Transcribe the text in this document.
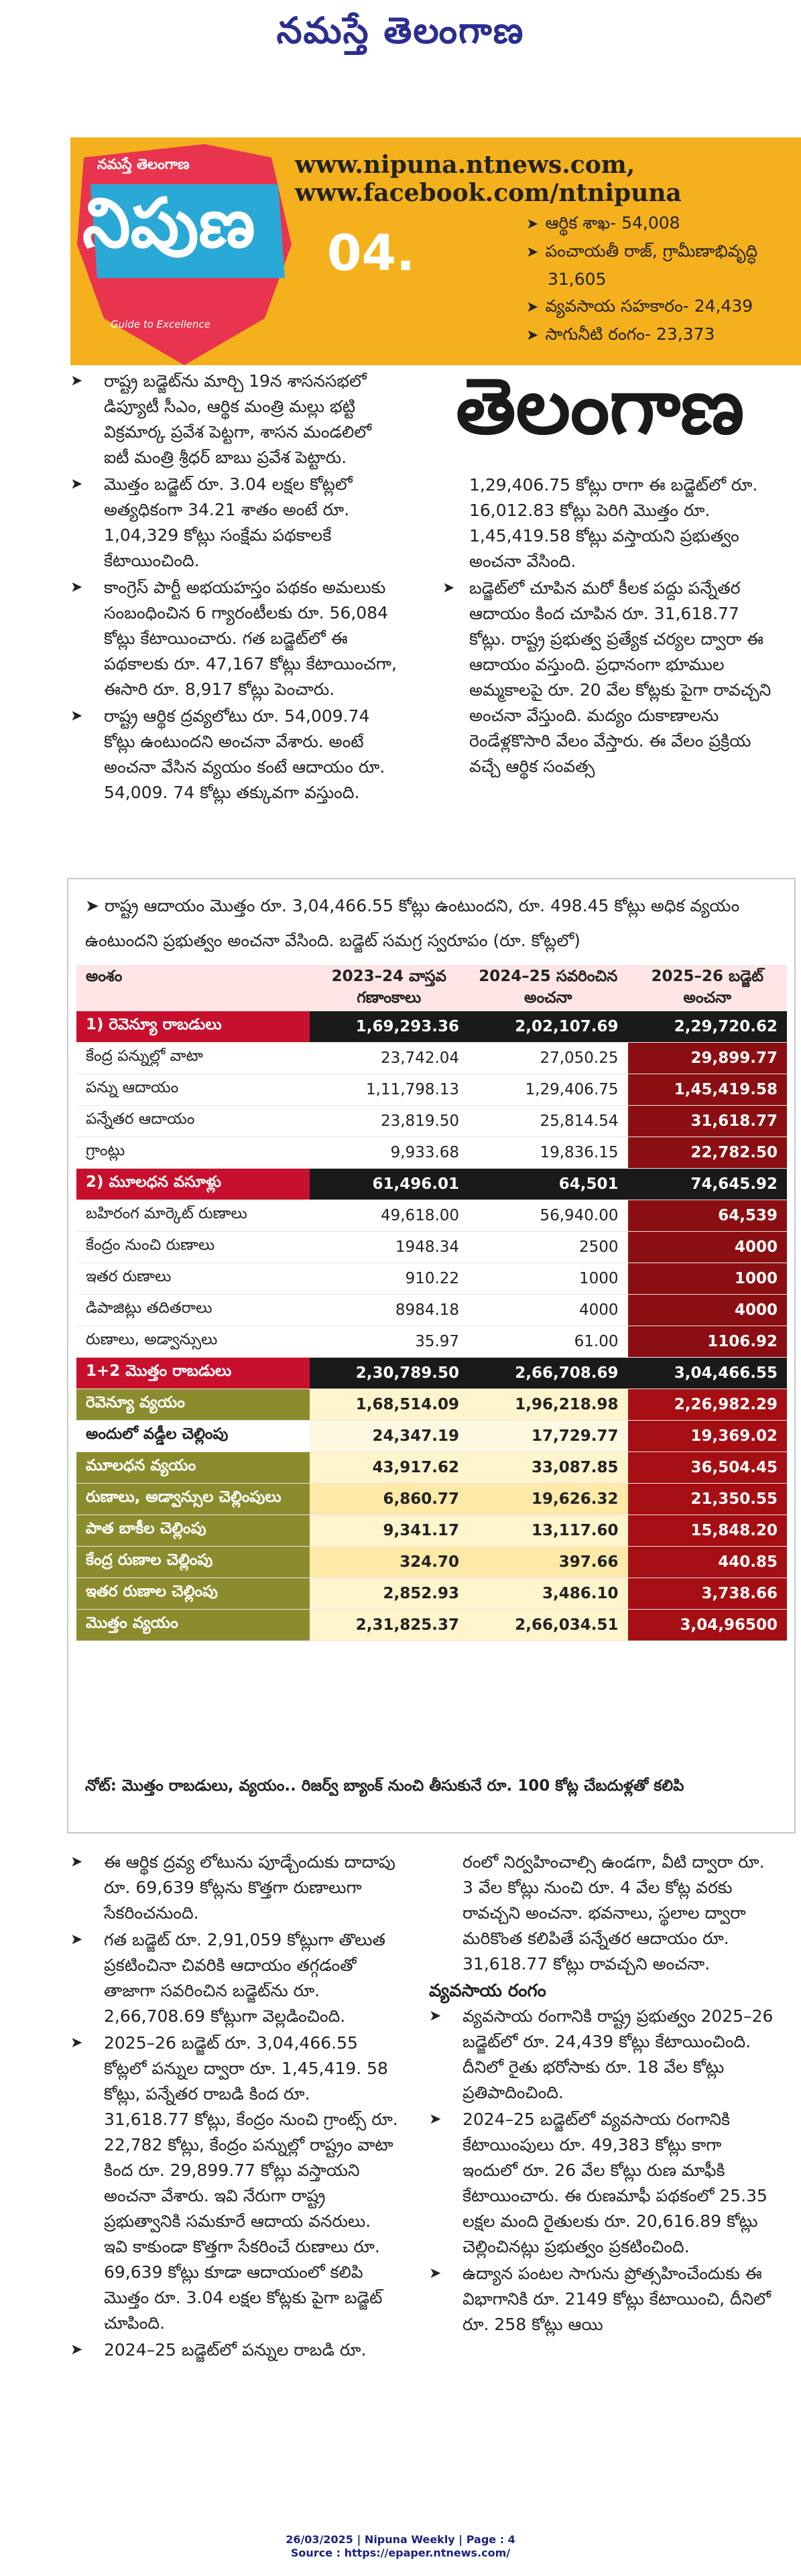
నమస్తే తెలంగాణ
నమస్తే తెలంగాణ
నిపుణ
Guide to Excellence
04.
www.nipuna.ntnews.com,
www.facebook.com/ntnipuna
➤ ఆర్థిక శాఖ- 54,008
➤ పంచాయతీ రాజ్, గ్రామీణాభివృద్ధి
31,605
➤ వ్యవసాయ సహకారం- 24,439
➤ సాగునీటి రంగం- 23,373
➤ రాష్ట్ర బడ్జెట్‌ను మార్చి 19న శాసనసభలో డిప్యూటీ సీఎం, ఆర్థిక మంత్రి మల్లు భట్టి విక్రమార్క ప్రవేశ పెట్టగా, శాసన మండలిలో ఐటీ మంత్రి శ్రీధర్ బాబు ప్రవేశ పెట్టారు.
➤ మొత్తం బడ్జెట్ రూ. 3.04 లక్షల కోట్లలో అత్యధికంగా 34.21 శాతం అంటే రూ. 1,04,329 కోట్లు సంక్షేమ పథకాలకే కేటాయించింది.
➤ కాంగ్రెస్ పార్టీ అభయహస్తం పథకం అమలుకు సంబంధించిన 6 గ్యారంటీలకు రూ. 56,084 కోట్లు కేటాయించారు. గత బడ్జెట్‌లో ఈ పథకాలకు రూ. 47,167 కోట్లు కేటాయించగా, ఈసారి రూ. 8,917 కోట్లు పెంచారు.
➤ రాష్ట్ర ఆర్థిక ద్రవ్యలోటు రూ. 54,009.74 కోట్లు ఉంటుందని అంచనా వేశారు. అంటే అంచనా వేసిన వ్యయం కంటే ఆదాయం రూ. 54,009. 74 కోట్లు తక్కువగా వస్తుంది.
తెలంగాణ
1,29,406.75 కోట్లు రాగా ఈ బడ్జెట్‌లో రూ. 16,012.83 కోట్లు పెరిగి మొత్తం రూ. 1,45,419.58 కోట్లు వస్తాయని ప్రభుత్వం అంచనా వేసింది.
➤ బడ్జెట్‌లో చూపిన మరో కీలక పద్దు పన్నేతర ఆదాయం కింద చూపిన రూ. 31,618.77 కోట్లు. రాష్ట్ర ప్రభుత్వ ప్రత్యేక చర్యల ద్వారా ఈ ఆదాయం వస్తుంది. ప్రధానంగా భూముల అమ్మకాలపై రూ. 20 వేల కోట్లకు పైగా రావచ్చని అంచనా వేస్తుంది. మద్యం దుకాణాలను రెండేళ్లకొసారి వేలం వేస్తారు. ఈ వేలం ప్రక్రియ వచ్చే ఆర్థిక సంవత్స
➤ రాష్ట్ర ఆదాయం మొత్తం రూ. 3,04,466.55 కోట్లు ఉంటుందని, రూ. 498.45 కోట్లు అధిక వ్యయం ఉంటుందని ప్రభుత్వం అంచనా వేసింది. బడ్జెట్ సమగ్ర స్వరూపం (రూ. కోట్లలో)
అంశం	2023–24 వాస్తవ గణాంకాలు	2024–25 సవరించిన అంచనా	2025–26 బడ్జెట్ అంచనా
1) రెవెన్యూ రాబడులు	1,69,293.36	2,02,107.69	2,29,720.62
కేంద్ర పన్నుల్లో వాటా	23,742.04	27,050.25	29,899.77
పన్ను ఆదాయం	1,11,798.13	1,29,406.75	1,45,419.58
పన్నేతర ఆదాయం	23,819.50	25,814.54	31,618.77
గ్రాంట్లు	9,933.68	19,836.15	22,782.50
2) మూలధన వసూళ్లు	61,496.01	64,501	74,645.92
బహిరంగ మార్కెట్ రుణాలు	49,618.00	56,940.00	64,539
కేంద్రం నుంచి రుణాలు	1948.34	2500	4000
ఇతర రుణాలు	910.22	1000	1000
డిపాజిట్లు తదితరాలు	8984.18	4000	4000
రుణాలు, అడ్వాన్సులు	35.97	61.00	1106.92
1+2 మొత్తం రాబడులు	2,30,789.50	2,66,708.69	3,04,466.55
రెవెన్యూ వ్యయం	1,68,514.09	1,96,218.98	2,26,982.29
అందులో వడ్డీల చెల్లింపు	24,347.19	17,729.77	19,369.02
మూలధన వ్యయం	43,917.62	33,087.85	36,504.45
రుణాలు, అడ్వాన్సుల చెల్లింపులు	6,860.77	19,626.32	21,350.55
పాత బాకీల చెల్లింపు	9,341.17	13,117.60	15,848.20
కేంద్ర రుణాల చెల్లింపు	324.70	397.66	440.85
ఇతర రుణాల చెల్లింపు	2,852.93	3,486.10	3,738.66
మొత్తం వ్యయం	2,31,825.37	2,66,034.51	3,04,96500
నోట్: మొత్తం రాబడులు, వ్యయం.. రిజర్వ్ బ్యాంక్ నుంచి తీసుకునే రూ. 100 కోట్ల చేబదుళ్లతో కలిపి
➤ ఈ ఆర్థిక ద్రవ్య లోటును పూడ్చేందుకు దాదాపు రూ. 69,639 కోట్లను కొత్తగా రుణాలుగా సేకరించనుంది.
➤ గత బడ్జెట్ రూ. 2,91,059 కోట్లుగా తొలుత ప్రకటించినా చివరికి ఆదాయం తగ్గడంతో తాజాగా సవరించిన బడ్జెట్‌ను రూ. 2,66,708.69 కోట్లుగా వెల్లడించింది.
➤ 2025–26 బడ్జెట్ రూ. 3,04,466.55 కోట్లలో పన్నుల ద్వారా రూ. 1,45,419. 58 కోట్లు, పన్నేతర రాబడి కింద రూ. 31,618.77 కోట్లు, కేంద్రం నుంచి గ్రాంట్స్ రూ. 22,782 కోట్లు, కేంద్రం పన్నుల్లో రాష్ట్రం వాటా కింద రూ. 29,899.77 కోట్లు వస్తాయని అంచనా వేశారు. ఇవి నేరుగా రాష్ట్ర ప్రభుత్వానికి సమకూరే ఆదాయ వనరులు. ఇవి కాకుండా కొత్తగా సేకరించే రుణాలు రూ. 69,639 కోట్లు కూడా ఆదాయంలో కలిపి మొత్తం రూ. 3.04 లక్షల కోట్లకు పైగా బడ్జెట్ చూపింది.
➤ 2024–25 బడ్జెట్‌లో పన్నుల రాబడి రూ.
రంలో నిర్వహించాల్సి ఉండగా, వీటి ద్వారా రూ. 3 వేల కోట్లు నుంచి రూ. 4 వేల కోట్ల వరకు రావచ్చని అంచనా. భవనాలు, స్థలాల ద్వారా మరికొంత కలిపితే పన్నేతర ఆదాయం రూ. 31,618.77 కోట్లు రావచ్చని అంచనా.
వ్యవసాయ రంగం
➤ వ్యవసాయ రంగానికి రాష్ట్ర ప్రభుత్వం 2025–26 బడ్జెట్‌లో రూ. 24,439 కోట్లు కేటాయించింది. దీనిలో రైతు భరోసాకు రూ. 18 వేల కోట్లు ప్రతిపాదించింది.
➤ 2024–25 బడ్జెట్‌లో వ్యవసాయ రంగానికి కేటాయింపులు రూ. 49,383 కోట్లు కాగా ఇందులో రూ. 26 వేల కోట్లు రుణ మాఫీకి కేటాయించారు. ఈ రుణమాఫీ పథకంలో 25.35 లక్షల మంది రైతులకు రూ. 20,616.89 కోట్లు చెల్లించినట్లు ప్రభుత్వం ప్రకటించింది.
➤ ఉద్యాన పంటల సాగును ప్రోత్సహించేందుకు ఈ విభాగానికి రూ. 2149 కోట్లు కేటాయించి, దీనిలో రూ. 258 కోట్లు ఆయి
26/03/2025 | Nipuna Weekly | Page : 4
Source : https://epaper.ntnews.com/
